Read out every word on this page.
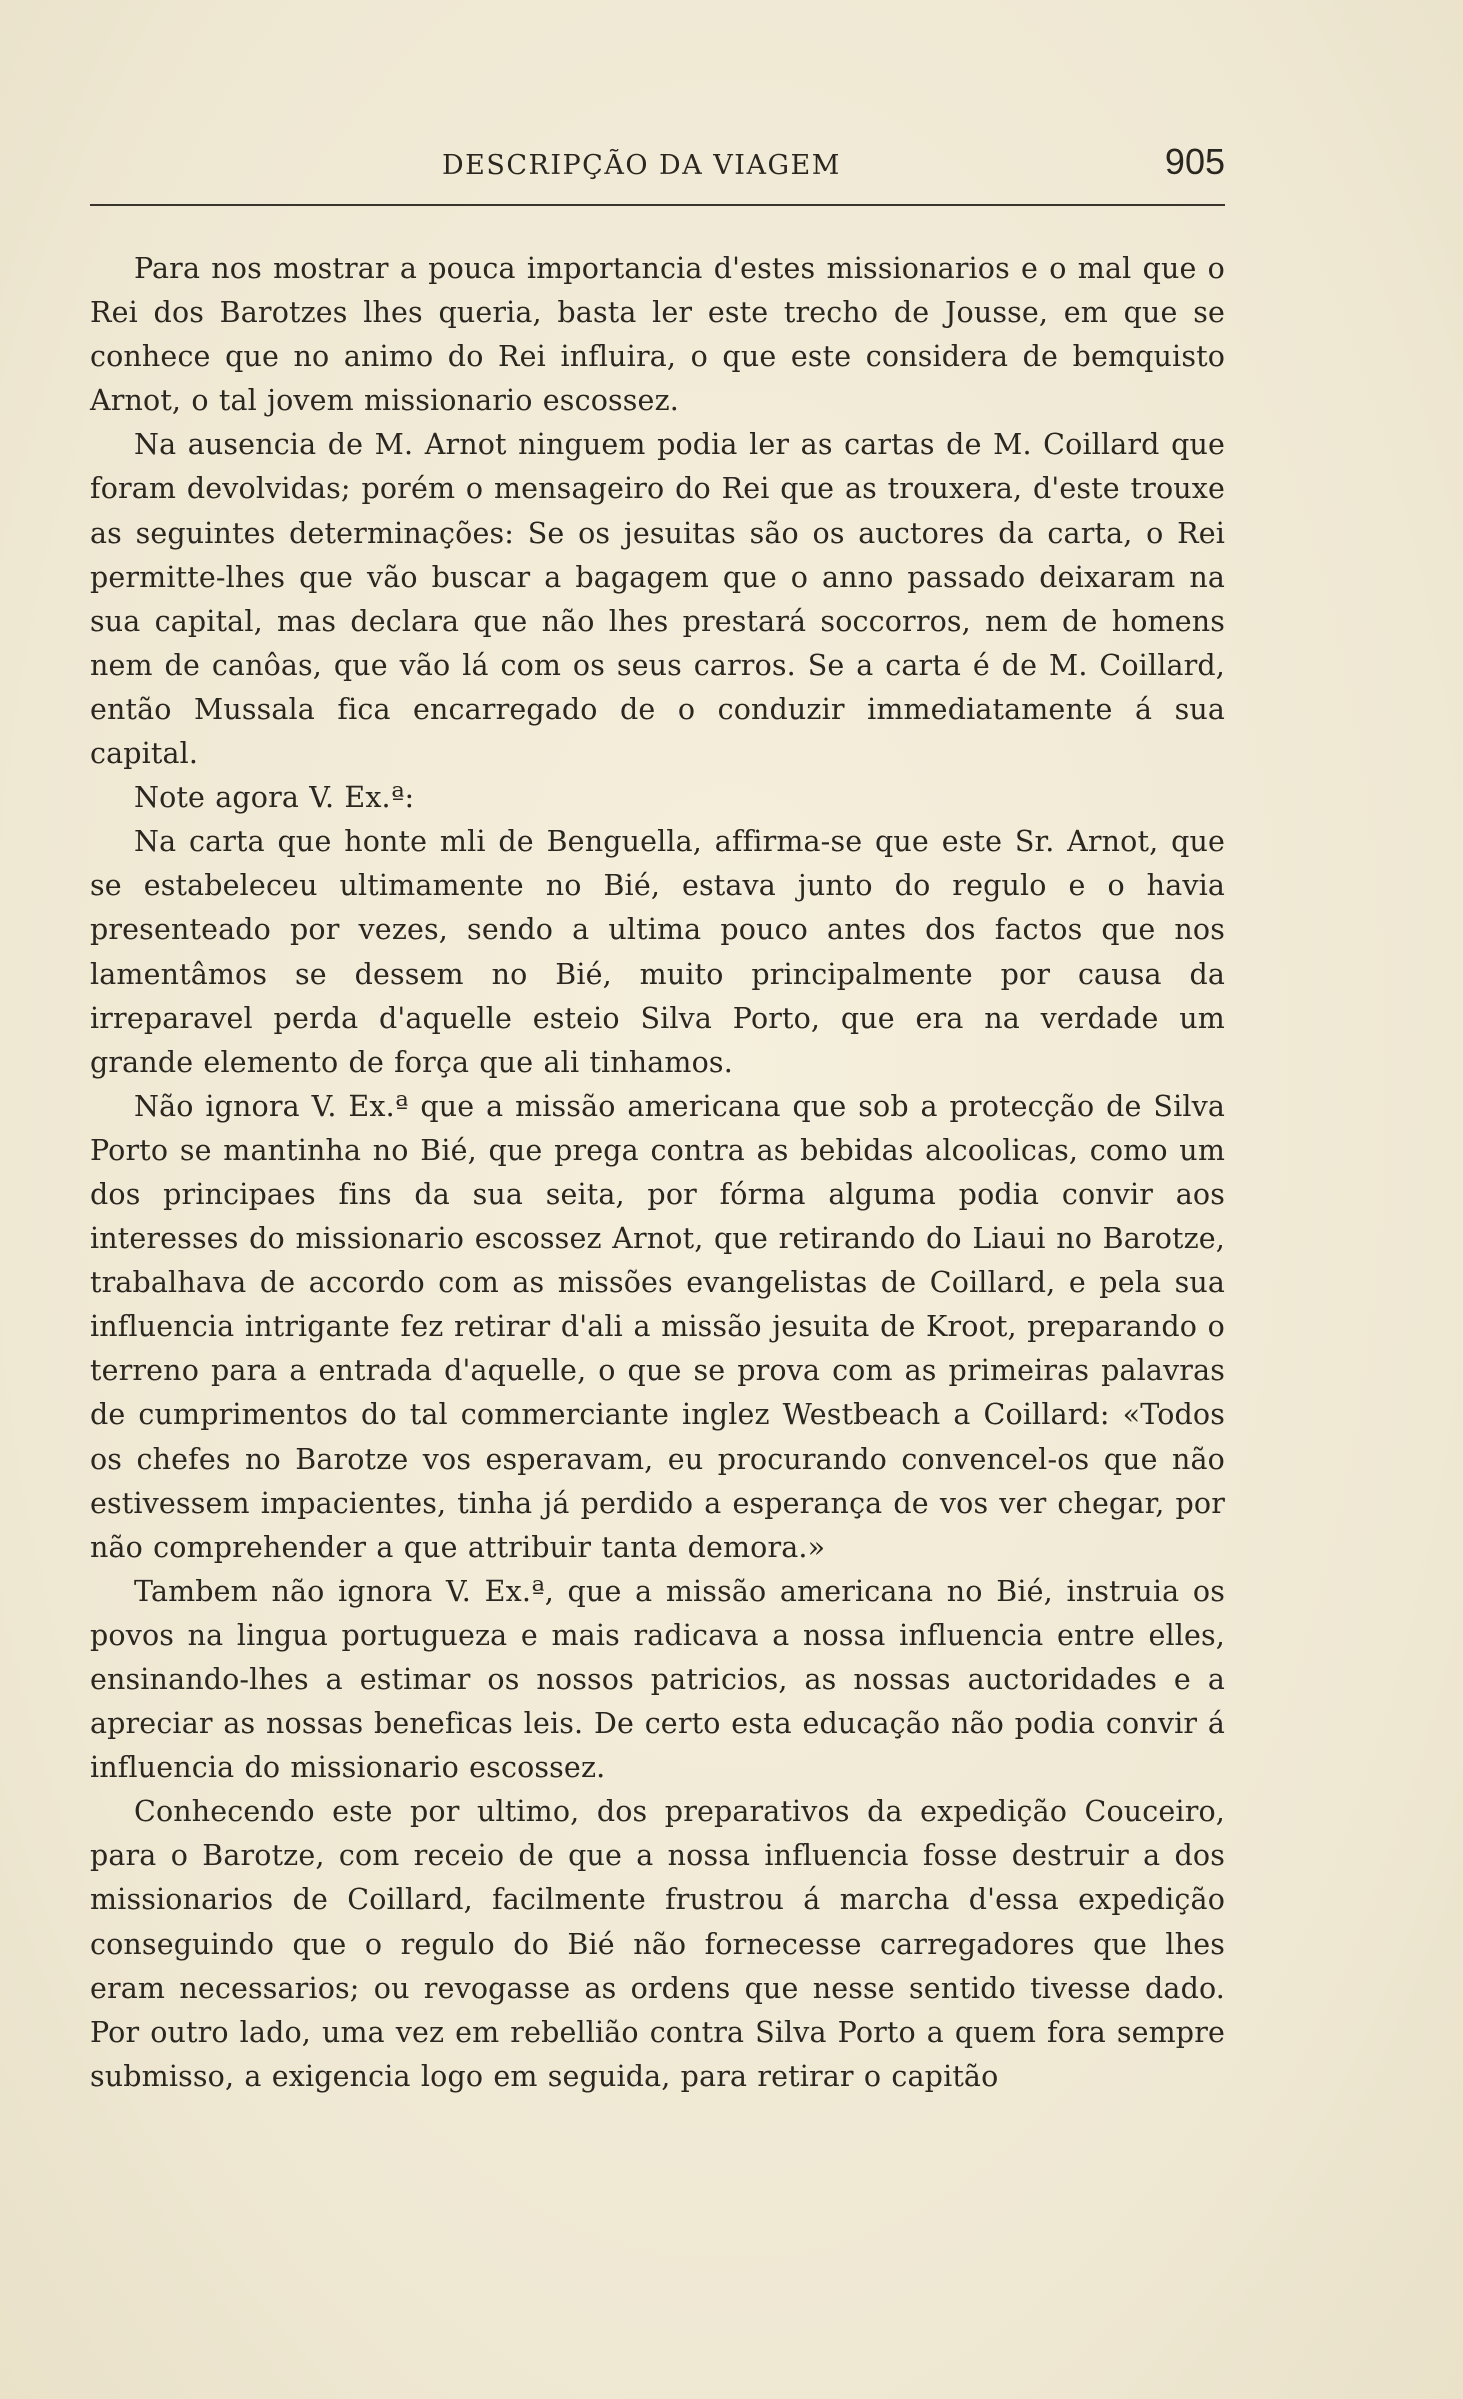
DESCRIPÇÃO DA VIAGEM	905

Para nos mostrar a pouca importancia d'estes missionarios e o mal que o Rei dos Barotzes lhes queria, basta ler este trecho de Jousse, em que se conhece que no animo do Rei influira, o que este considera de bemquisto Arnot, o tal jovem missionario escossez.

Na ausencia de M. Arnot ninguem podia ler as cartas de M. Coillard que foram devolvidas; porém o mensageiro do Rei que as trouxera, d'este trouxe as seguintes determinações: Se os jesuitas são os auctores da carta, o Rei permitte-lhes que vão buscar a bagagem que o anno passado deixaram na sua capital, mas declara que não lhes prestará soccorros, nem de homens nem de canôas, que vão lá com os seus carros. Se a carta é de M. Coillard, então Mussala fica encarregado de o conduzir immediatamente á sua capital.

Note agora V. Ex.ª:

Na carta que honte mli de Benguella, affirma-se que este Sr. Arnot, que se estabeleceu ultimamente no Bié, estava junto do regulo e o havia presenteado por vezes, sendo a ultima pouco antes dos factos que nos lamentâmos se dessem no Bié, muito principalmente por causa da irreparavel perda d'aquelle esteio Silva Porto, que era na verdade um grande elemento de força que ali tinhamos.

Não ignora V. Ex.ª que a missão americana que sob a protecção de Silva Porto se mantinha no Bié, que prega contra as bebidas alcoolicas, como um dos principaes fins da sua seita, por fórma alguma podia convir aos interesses do missionario escossez Arnot, que retirando do Liaui no Barotze, trabalhava de accordo com as missões evangelistas de Coillard, e pela sua influencia intrigante fez retirar d'ali a missão jesuita de Kroot, preparando o terreno para a entrada d'aquelle, o que se prova com as primeiras palavras de cumprimentos do tal commerciante inglez Westbeach a Coillard: «Todos os chefes no Barotze vos esperavam, eu procurando convencel-os que não estivessem impacientes, tinha já perdido a esperança de vos ver chegar, por não comprehender a que attribuir tanta demora.»

Tambem não ignora V. Ex.ª, que a missão americana no Bié, instruia os povos na lingua portugueza e mais radicava a nossa influencia entre elles, ensinando-lhes a estimar os nossos patricios, as nossas auctoridades e a apreciar as nossas beneficas leis. De certo esta educação não podia convir á influencia do missionario escossez.

Conhecendo este por ultimo, dos preparativos da expedição Couceiro, para o Barotze, com receio de que a nossa influencia fosse destruir a dos missionarios de Coillard, facilmente frustrou á marcha d'essa expedição conseguindo que o regulo do Bié não fornecesse carregadores que lhes eram necessarios; ou revogasse as ordens que nesse sentido tivesse dado. Por outro lado, uma vez em rebellião contra Silva Porto a quem fora sempre submisso, a exigencia logo em seguida, para retirar o capitão
